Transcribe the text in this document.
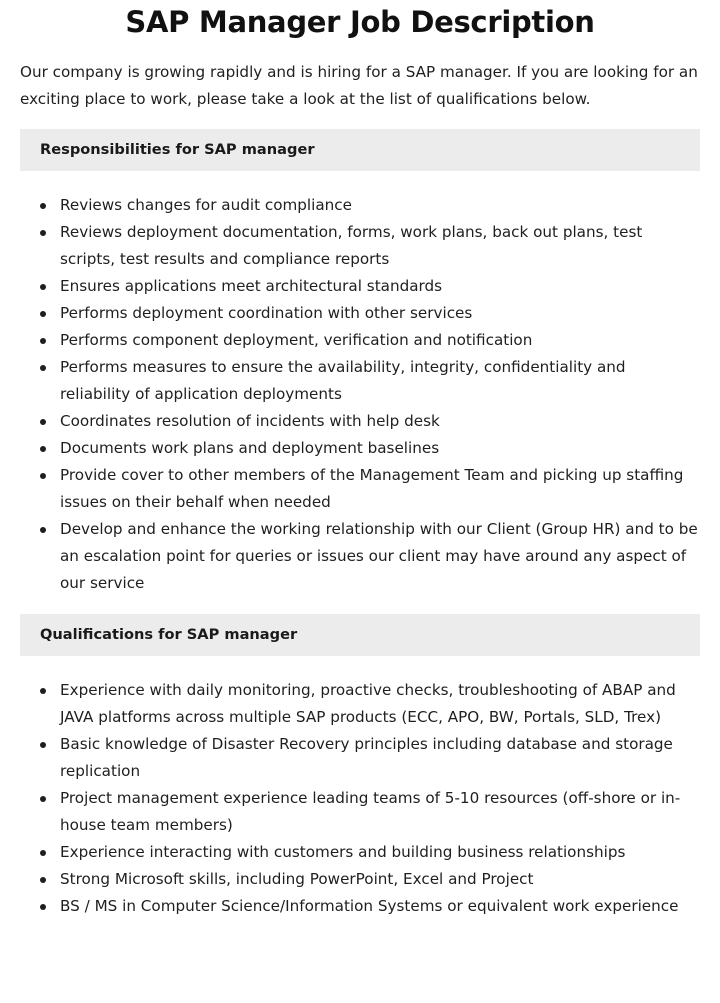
SAP Manager Job Description

Our company is growing rapidly and is hiring for a SAP manager. If you are looking for an exciting place to work, please take a look at the list of qualifications below.

Responsibilities for SAP manager
Reviews changes for audit compliance
Reviews deployment documentation, forms, work plans, back out plans, test scripts, test results and compliance reports
Ensures applications meet architectural standards
Performs deployment coordination with other services
Performs component deployment, verification and notification
Performs measures to ensure the availability, integrity, confidentiality and reliability of application deployments
Coordinates resolution of incidents with help desk
Documents work plans and deployment baselines
Provide cover to other members of the Management Team and picking up staffing issues on their behalf when needed
Develop and enhance the working relationship with our Client (Group HR) and to be an escalation point for queries or issues our client may have around any aspect of our service
Qualifications for SAP manager
Experience with daily monitoring, proactive checks, troubleshooting of ABAP and JAVA platforms across multiple SAP products (ECC, APO, BW, Portals, SLD, Trex)
Basic knowledge of Disaster Recovery principles including database and storage replication
Project management experience leading teams of 5-10 resources (off-shore or in-house team members)
Experience interacting with customers and building business relationships
Strong Microsoft skills, including PowerPoint, Excel and Project
BS / MS in Computer Science/Information Systems or equivalent work experience
